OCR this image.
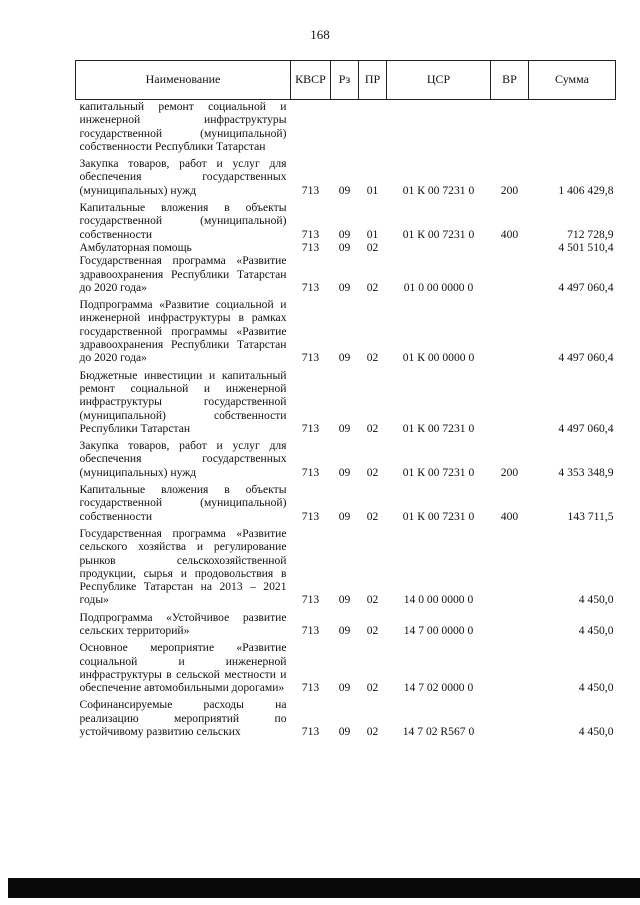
168
Наименование	КВСР	Рз	ПР	ЦСР	ВР	Сумма
капитальный ремонт социальной и инженерной инфраструктуры государственной (муниципальной) собственности Республики Татарстан						
Закупка товаров, работ и услуг для обеспечения государственных (муниципальных) нужд	713	09	01	01 К 00 7231 0	200	1 406 429,8
Капитальные вложения в объекты государственной (муниципальной) собственности	713	09	01	01 К 00 7231 0	400	712 728,9
Амбулаторная помощь	713	09	02			4 501 510,4
Государственная программа «Развитие здравоохранения Республики Татарстан до 2020 года»	713	09	02	01 0 00 0000 0		4 497 060,4
Подпрограмма «Развитие социальной и инженерной инфраструктуры в рамках государственной программы «Развитие здравоохранения Республики Татарстан до 2020 года»	713	09	02	01 К 00 0000 0		4 497 060,4
Бюджетные инвестиции и капитальный ремонт социальной и инженерной инфраструктуры государственной (муниципальной) собственности Республики Татарстан	713	09	02	01 К 00 7231 0		4 497 060,4
Закупка товаров, работ и услуг для обеспечения государственных (муниципальных) нужд	713	09	02	01 К 00 7231 0	200	4 353 348,9
Капитальные вложения в объекты государственной (муниципальной) собственности	713	09	02	01 К 00 7231 0	400	143 711,5
Государственная программа «Развитие сельского хозяйства и регулирование рынков сельскохозяйственной продукции, сырья и продовольствия в Республике Татарстан на 2013 – 2021 годы»	713	09	02	14 0 00 0000 0		4 450,0
Подпрограмма «Устойчивое развитие сельских территорий»	713	09	02	14 7 00 0000 0		4 450,0
Основное мероприятие «Развитие социальной и инженерной инфраструктуры в сельской местности и обеспечение автомобильными дорогами»	713	09	02	14 7 02 0000 0		4 450,0
Софинансируемые расходы на реализацию мероприятий по устойчивому развитию сельских	713	09	02	14 7 02 R567 0		4 450,0
